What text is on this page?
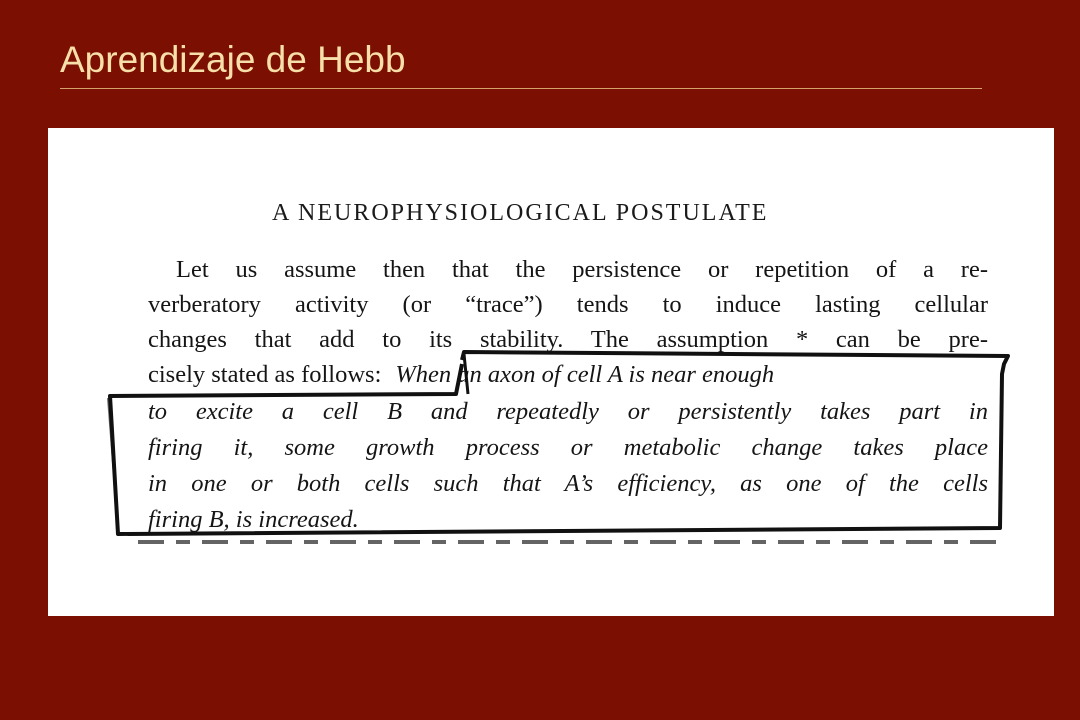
Aprendizaje de Hebb
A NEUROPHYSIOLOGICAL POSTULATE
Let us assume then that the persistence or repetition of a re-
verberatory activity (or “trace”) tends to induce lasting cellular
changes that add to its stability. The assumption * can be pre-
cisely stated as follows: When an axon of cell A is near enough
to excite a cell B and repeatedly or persistently takes part in
firing it, some growth process or metabolic change takes place
in one or both cells such that A’s efficiency, as one of the cells
firing B, is increased.
